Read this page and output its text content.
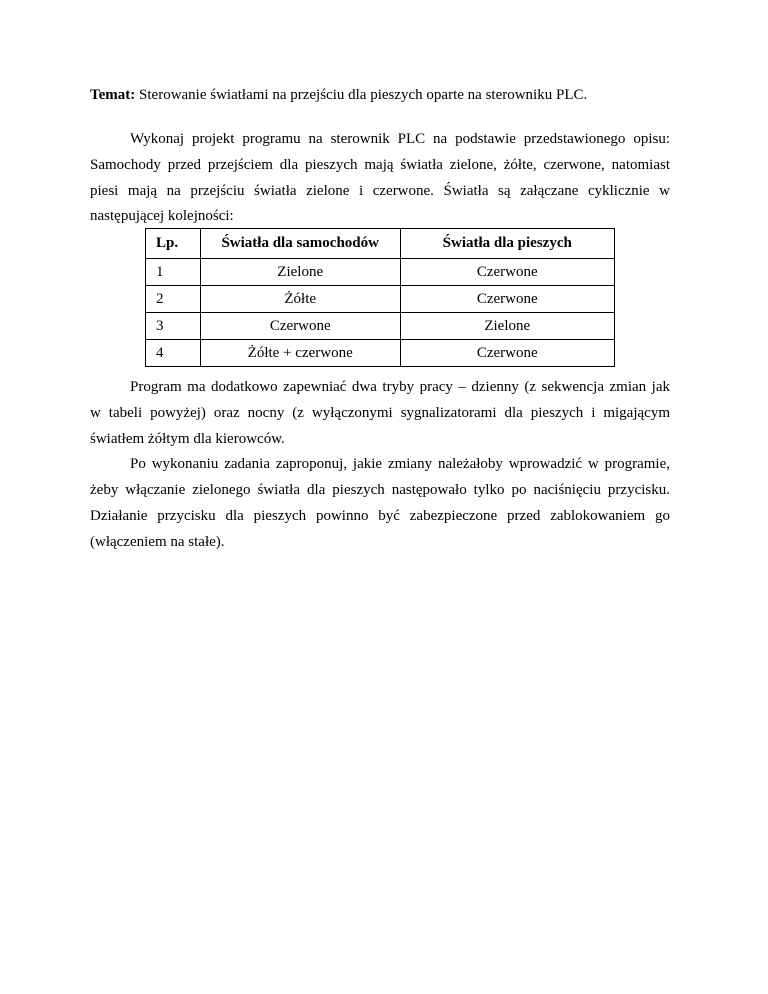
Temat: Sterowanie światłami na przejściu dla pieszych oparte na sterowniku PLC.
Wykonaj projekt programu na sterownik PLC na podstawie przedstawionego opisu:
Samochody przed przejściem dla pieszych mają światła zielone, żółte, czerwone, natomiast
piesi mają na przejściu światła zielone i czerwone. Światła są załączane cyklicznie w
następującej kolejności:
Lp.	Światła dla samochodów	Światła dla pieszych
1	Zielone	Czerwone
2	Żółte	Czerwone
3	Czerwone	Zielone
4	Żółte + czerwone	Czerwone
Program ma dodatkowo zapewniać dwa tryby pracy – dzienny (z sekwencja zmian jak
w tabeli powyżej) oraz nocny (z wyłączonymi sygnalizatorami dla pieszych i migającym
światłem żółtym dla kierowców.
Po wykonaniu zadania zaproponuj, jakie zmiany należałoby wprowadzić w programie,
żeby włączanie zielonego światła dla pieszych następowało tylko po naciśnięciu przycisku.
Działanie przycisku dla pieszych powinno być zabezpieczone przed zablokowaniem go
(włączeniem na stałe).
